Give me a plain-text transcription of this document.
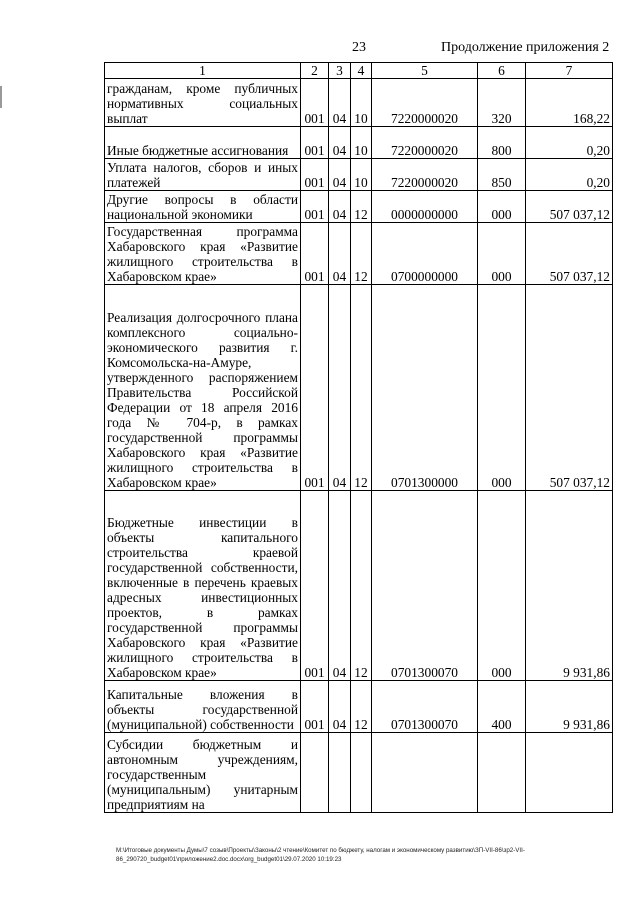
23	Продолжение приложения 2
1	2	3	4	5	6	7
гражданам, кроме публичных нормативных социальных выплат	001	04	10	7220000020	320	168,22
Иные бюджетные ассигнования	001	04	10	7220000020	800	0,20
Уплата налогов, сборов и иных платежей	001	04	10	7220000020	850	0,20
Другие вопросы в области национальной экономики	001	04	12	0000000000	000	507 037,12
Государственная программа Хабаровского края «Развитие жилищного строительства в Хабаровском крае»	001	04	12	0700000000	000	507 037,12
Реализация долгосрочного плана комплексного социально-экономического развития г. Комсомольска-на-Амуре, утвержденного распоряжением Правительства Российской Федерации от 18 апреля 2016 года № 704-р, в рамках государственной программы Хабаровского края «Развитие жилищного строительства в Хабаровском крае»	001	04	12	0701300000	000	507 037,12
Бюджетные инвестиции в объекты капитального строительства краевой государственной собственности, включенные в перечень краевых адресных инвестиционных проектов, в рамках государственной программы Хабаровского края «Развитие жилищного строительства в Хабаровском крае»	001	04	12	0701300070	000	9 931,86
Капитальные вложения в объекты государственной (муниципальной) собственности	001	04	12	0701300070	400	9 931,86
Субсидии бюджетным и автономным учреждениям, государственным (муниципальным) унитарным предприятиям на						
М:\Итоговые документы Думы\7 созыв\Проекты\Законы\2 чтение\Комитет по бюджету, налогам и экономическому развитию\ЗП-VII-86\зр2-VII-86_290720_budget01\приложение2.doc.docx\org_budget01\29.07.2020 10:19:23
